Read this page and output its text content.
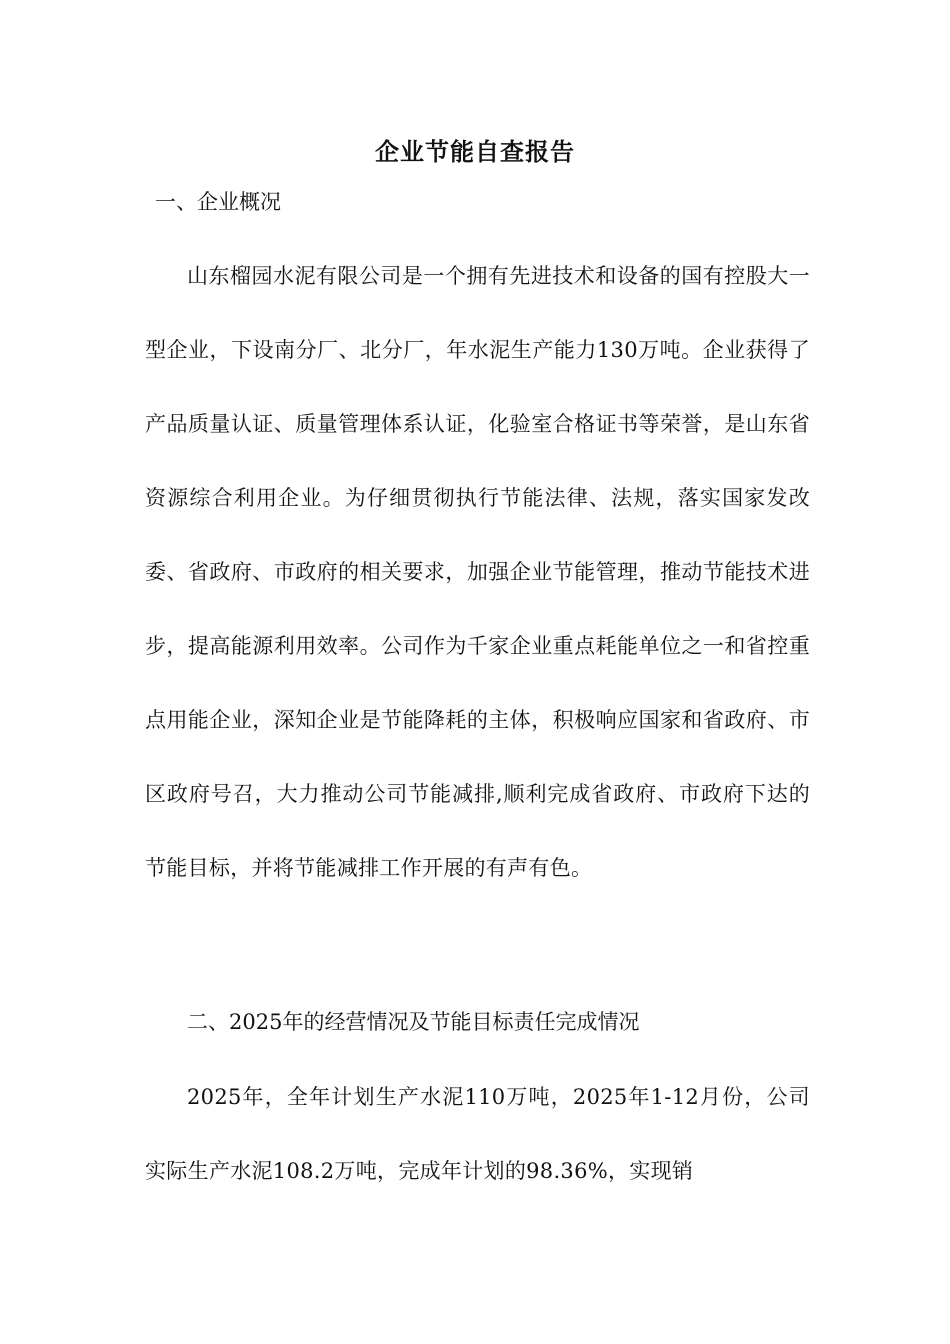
企业节能自查报告
一、企业概况

山东榴园水泥有限公司是一个拥有先进技术和设备的国有控股大一型企业，下设南分厂、北分厂，年水泥生产能力130万吨。企业获得了产品质量认证、质量管理体系认证，化验室合格证书等荣誉，是山东省资源综合利用企业。为仔细贯彻执行节能法律、法规，落实国家发改委、省政府、市政府的相关要求，加强企业节能管理，推动节能技术进步，提高能源利用效率。公司作为千家企业重点耗能单位之一和省控重点用能企业，深知企业是节能降耗的主体，积极响应国家和省政府、市区政府号召，大力推动公司节能减排,顺利完成省政府、市政府下达的节能目标，并将节能减排工作开展的有声有色。

二、2025年的经营情况及节能目标责任完成情况

2025年，全年计划生产水泥110万吨，2025年1-12月份，公司实际生产水泥108.2万吨，完成年计划的98.36%，实现销
